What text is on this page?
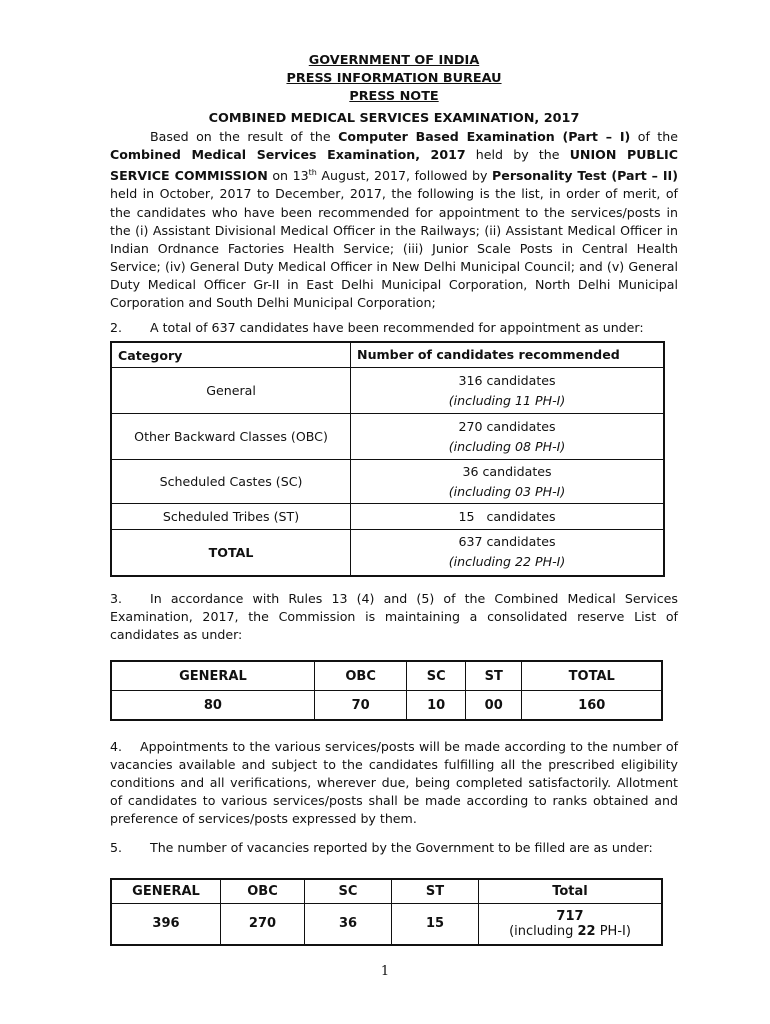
GOVERNMENT OF INDIA
PRESS INFORMATION BUREAU
PRESS NOTE
COMBINED MEDICAL SERVICES EXAMINATION, 2017

Based on the result of the Computer Based Examination (Part – I) of the Combined Medical Services Examination, 2017 held by the UNION PUBLIC SERVICE COMMISSION on 13th August, 2017, followed by Personality Test (Part – II) held in October, 2017 to December, 2017, the following is the list, in order of merit, of the candidates who have been recommended for appointment to the services/posts in the (i) Assistant Divisional Medical Officer in the Railways; (ii) Assistant Medical Officer in Indian Ordnance Factories Health Service; (iii) Junior Scale Posts in Central Health Service; (iv) General Duty Medical Officer in New Delhi Municipal Council; and (v) General Duty Medical Officer Gr-II in East Delhi Municipal Corporation, North Delhi Municipal Corporation and South Delhi Municipal Corporation;

2. A total of 637 candidates have been recommended for appointment as under:

Category	Number of candidates recommended
General	316 candidates
(including 11 PH-I)

Other Backward Classes (OBC)	270 candidates
(including 08 PH-I)

Scheduled Castes (SC)	36 candidates
(including 03 PH-I)

Scheduled Tribes (ST)	15   candidates
TOTAL	637 candidates
(including 22 PH-I)

3. In accordance with Rules 13 (4) and (5) of the Combined Medical Services Examination, 2017, the Commission is maintaining a consolidated reserve List of candidates as under:

GENERAL	OBC	SC	ST	TOTAL
80	70	10	00	160

4. Appointments to the various services/posts will be made according to the number of vacancies available and subject to the candidates fulfilling all the prescribed eligibility conditions and all verifications, wherever due, being completed satisfactorily. Allotment of candidates to various services/posts shall be made according to ranks obtained and preference of services/posts expressed by them.

5. The number of vacancies reported by the Government to be filled are as under:

GENERAL	OBC	SC	ST	Total
396	270	36	15	717
(including 22 PH-I)
1
